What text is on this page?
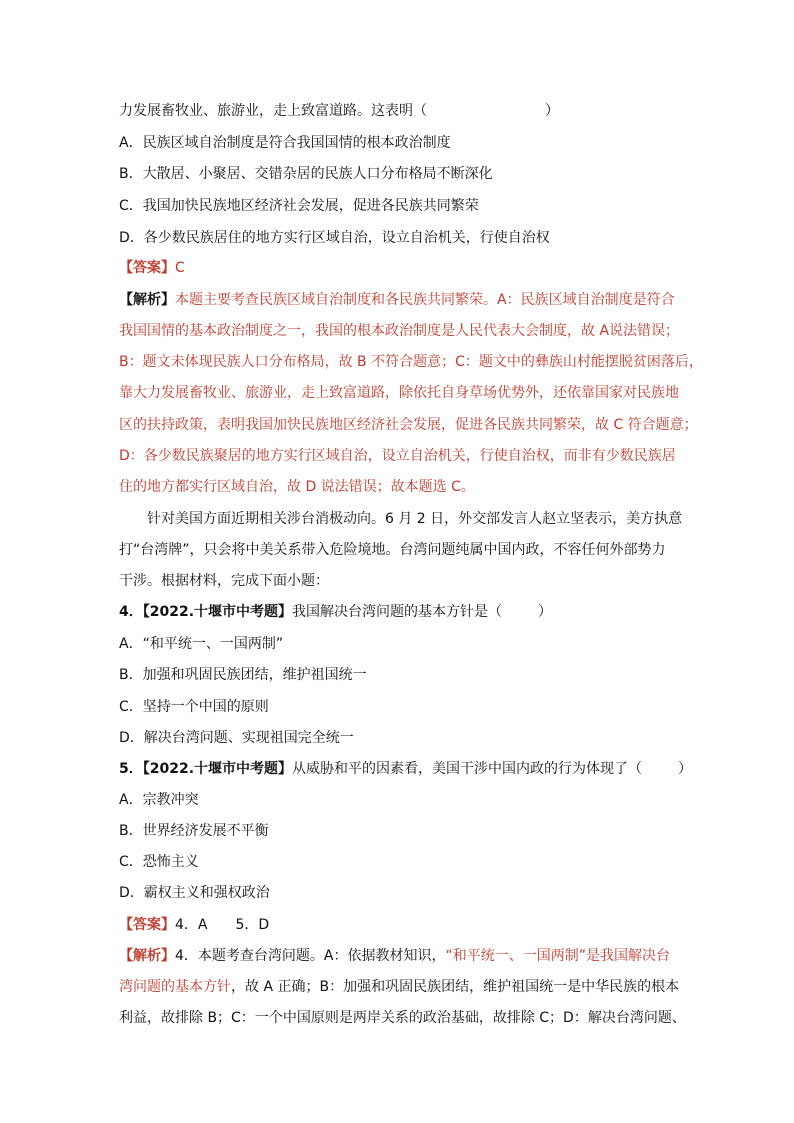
力发展畜牧业、旅游业，走上致富道路。这表明（	）
A．民族区域自治制度是符合我国国情的根本政治制度
B．大散居、小聚居、交错杂居的民族人口分布格局不断深化
C．我国加快民族地区经济社会发展，促进各民族共同繁荣
D．各少数民族居住的地方实行区域自治，设立自治机关，行使自治权
【答案】C
【解析】本题主要考查民族区域自治制度和各民族共同繁荣。A：民族区域自治制度是符合
我国国情的基本政治制度之一，我国的根本政治制度是人民代表大会制度，故 A说法错误；
B：题文未体现民族人口分布格局，故 B 不符合题意；C：题文中的彝族山村能摆脱贫困落后，
靠大力发展畜牧业、旅游业，走上致富道路，除依托自身草场优势外，还依靠国家对民族地
区的扶持政策，表明我国加快民族地区经济社会发展，促进各民族共同繁荣，故 C 符合题意；
D：各少数民族聚居的地方实行区域自治，设立自治机关，行使自治权，而非有少数民族居
住的地方都实行区域自治，故 D 说法错误；故本题选 C。
针对美国方面近期相关涉台消极动向。6 月 2 日，外交部发言人赵立坚表示，美方执意
打“台湾牌”，只会将中美关系带入危险境地。台湾问题纯属中国内政，不容任何外部势力
干涉。根据材料，完成下面小题：
4．【2022.十堰市中考题】我国解决台湾问题的基本方针是（	）
A．“和平统一、一国两制”
B．加强和巩固民族团结，维护祖国统一
C．坚持一个中国的原则
D．解决台湾问题、实现祖国完全统一
5．【2022.十堰市中考题】从威胁和平的因素看，美国干涉中国内政的行为体现了（	）
A．宗教冲突
B．世界经济发展不平衡
C．恐怖主义
D．霸权主义和强权政治
【答案】4．A 5．D
【解析】4．本题考查台湾问题。A：依据教材知识，“和平统一、一国两制”是我国解决台
湾问题的基本方针，故 A 正确；B：加强和巩固民族团结，维护祖国统一是中华民族的根本
利益，故排除 B；C：一个中国原则是两岸关系的政治基础，故排除 C；D：解决台湾问题、
